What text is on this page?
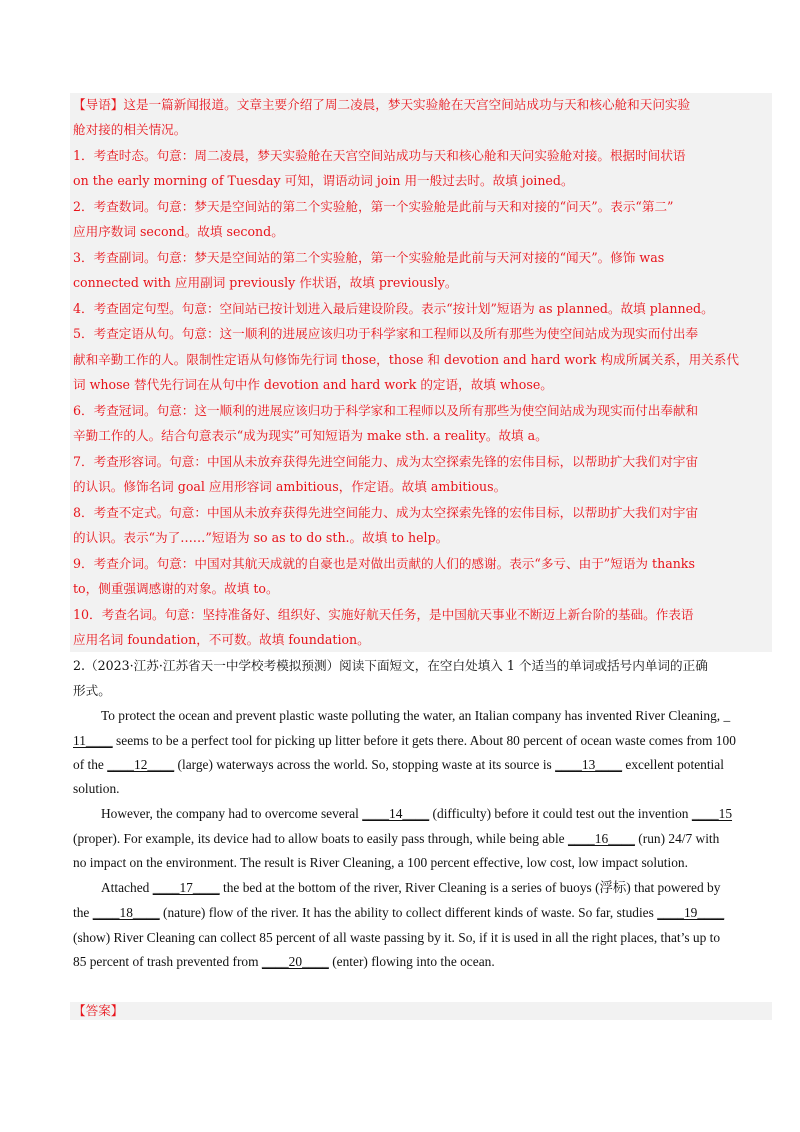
【导语】这是一篇新闻报道。文章主要介绍了周二凌晨，梦天实验舱在天宫空间站成功与天和核心舱和天问实验
舱对接的相关情况。
1．考查时态。句意：周二凌晨，梦天实验舱在天宫空间站成功与天和核心舱和天问实验舱对接。根据时间状语
on the early morning of Tuesday 可知，谓语动词 join 用一般过去时。故填 joined。
2．考查数词。句意：梦天是空间站的第二个实验舱，第一个实验舱是此前与天和对接的“问天”。表示“第二”
应用序数词 second。故填 second。
3．考查副词。句意：梦天是空间站的第二个实验舱，第一个实验舱是此前与天河对接的“闻天”。修饰 was
connected with 应用副词 previously 作状语，故填 previously。
4．考查固定句型。句意：空间站已按计划进入最后建设阶段。表示“按计划”短语为 as planned。故填 planned。
5．考查定语从句。句意：这一顺利的进展应该归功于科学家和工程师以及所有那些为使空间站成为现实而付出奉
献和辛勤工作的人。限制性定语从句修饰先行词 those，those 和 devotion and hard work 构成所属关系，用关系代
词 whose 替代先行词在从句中作 devotion and hard work 的定语，故填 whose。
6．考查冠词。句意：这一顺利的进展应该归功于科学家和工程师以及所有那些为使空间站成为现实而付出奉献和
辛勤工作的人。结合句意表示“成为现实”可知短语为 make sth. a reality。故填 a。
7．考查形容词。句意：中国从未放弃获得先进空间能力、成为太空探索先锋的宏伟目标，以帮助扩大我们对宇宙
的认识。修饰名词 goal 应用形容词 ambitious，作定语。故填 ambitious。
8．考查不定式。句意：中国从未放弃获得先进空间能力、成为太空探索先锋的宏伟目标，以帮助扩大我们对宇宙
的认识。表示“为了……”短语为 so as to do sth.。故填 to help。
9．考查介词。句意：中国对其航天成就的自豪也是对做出贡献的人们的感谢。表示“多亏、由于”短语为 thanks
to，侧重强调感谢的对象。故填 to。
10．考查名词。句意：坚持准备好、组织好、实施好航天任务，是中国航天事业不断迈上新台阶的基础。作表语
应用名词 foundation，不可数。故填 foundation。
2.（2023·江苏·江苏省天一中学校考模拟预测）阅读下面短文，在空白处填入 1 个适当的单词或括号内单词的正确
形式。
To protect the ocean and prevent plastic waste polluting the water, an Italian company has invented River Cleaning, _
11____ seems to be a perfect tool for picking up litter before it gets there. About 80 percent of ocean waste comes from 100
of the ____12____ (large) waterways across the world. So, stopping waste at its source is ____13____ excellent potential
solution.
However, the company had to overcome several ____14____ (difficulty) before it could test out the invention ____15
(proper). For example, its device had to allow boats to easily pass through, while being able ____16____ (run) 24/7 with
no impact on the environment. The result is River Cleaning, a 100 percent effective, low cost, low impact solution.
Attached ____17____ the bed at the bottom of the river, River Cleaning is a series of buoys (浮标) that powered by
the ____18____ (nature) flow of the river. It has the ability to collect different kinds of waste. So far, studies ____19____
(show) River Cleaning can collect 85 percent of all waste passing by it. So, if it is used in all the right places, that’s up to
85 percent of trash prevented from ____20____ (enter) flowing into the ocean.
【答案】
